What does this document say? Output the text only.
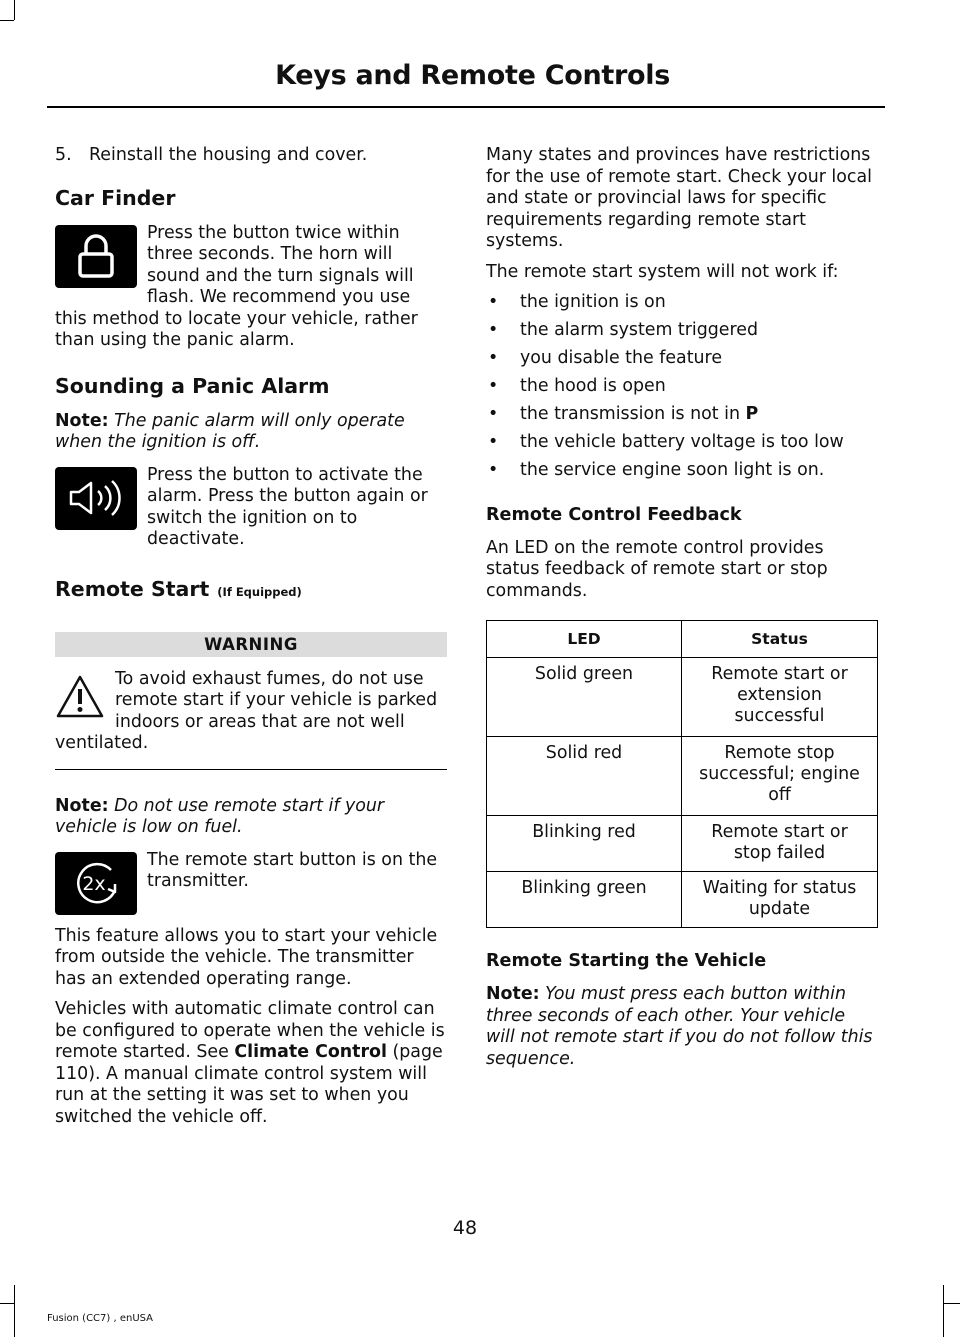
Keys and Remote Controls

5. Reinstall the housing and cover.

Car Finder

Press the button twice within three seconds. The horn will sound and the turn signals will flash. We recommend you use this method to locate your vehicle, rather than using the panic alarm.

Sounding a Panic Alarm

Note: The panic alarm will only operate when the ignition is off.

Press the button to activate the alarm. Press the button again or switch the ignition on to deactivate.

Remote Start (If Equipped)
WARNING

To avoid exhaust fumes, do not use remote start if your vehicle is parked indoors or areas that are not well ventilated.

Note: Do not use remote start if your vehicle is low on fuel.

2x

The remote start button is on the transmitter.

This feature allows you to start your vehicle from outside the vehicle. The transmitter has an extended operating range.

Vehicles with automatic climate control can be configured to operate when the vehicle is remote started. See Climate Control (page 110). A manual climate control system will run at the setting it was set to when you switched the vehicle off.

Many states and provinces have restrictions for the use of remote start. Check your local and state or provincial laws for specific requirements regarding remote start systems.

The remote start system will not work if:

• the ignition is on
• the alarm system triggered
• you disable the feature
• the hood is open
• the transmission is not in P
• the vehicle battery voltage is too low
• the service engine soon light is on.
Remote Control Feedback

An LED on the remote control provides status feedback of remote start or stop commands.

LED	Status
Solid green	Remote start or extension successful
Solid red	Remote stop successful; engine off
Blinking red	Remote start or stop failed
Blinking green	Waiting for status update
Remote Starting the Vehicle

Note: You must press each button within three seconds of each other. Your vehicle will not remote start if you do not follow this sequence.

48
Fusion (CC7) , enUSA
